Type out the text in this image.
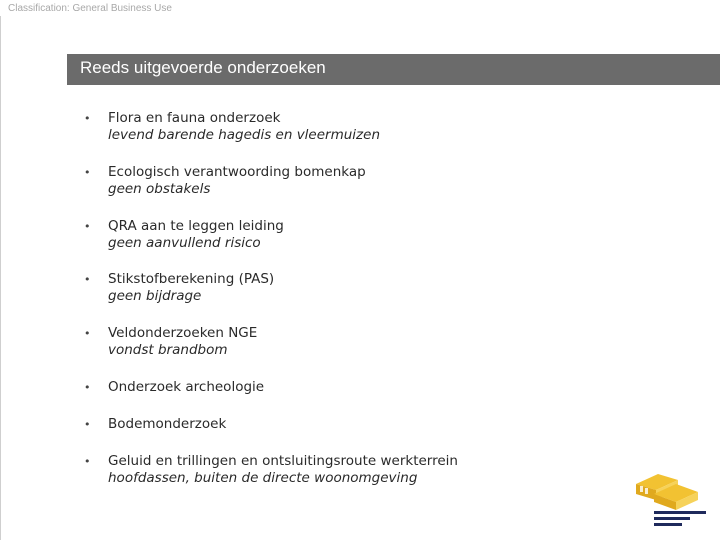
Classification: General Business Use
Reeds uitgevoerde onderzoeken
• Flora en fauna onderzoek
levend barende hagedis en vleermuizen
• Ecologisch verantwoording bomenkap
geen obstakels
• QRA aan te leggen leiding
geen aanvullend risico
• Stikstofberekening (PAS)
geen bijdrage
• Veldonderzoeken NGE
vondst brandbom
• Onderzoek archeologie
• Bodemonderzoek
• Geluid en trillingen en ontsluitingsroute werkterrein
hoofdassen, buiten de directe woonomgeving
